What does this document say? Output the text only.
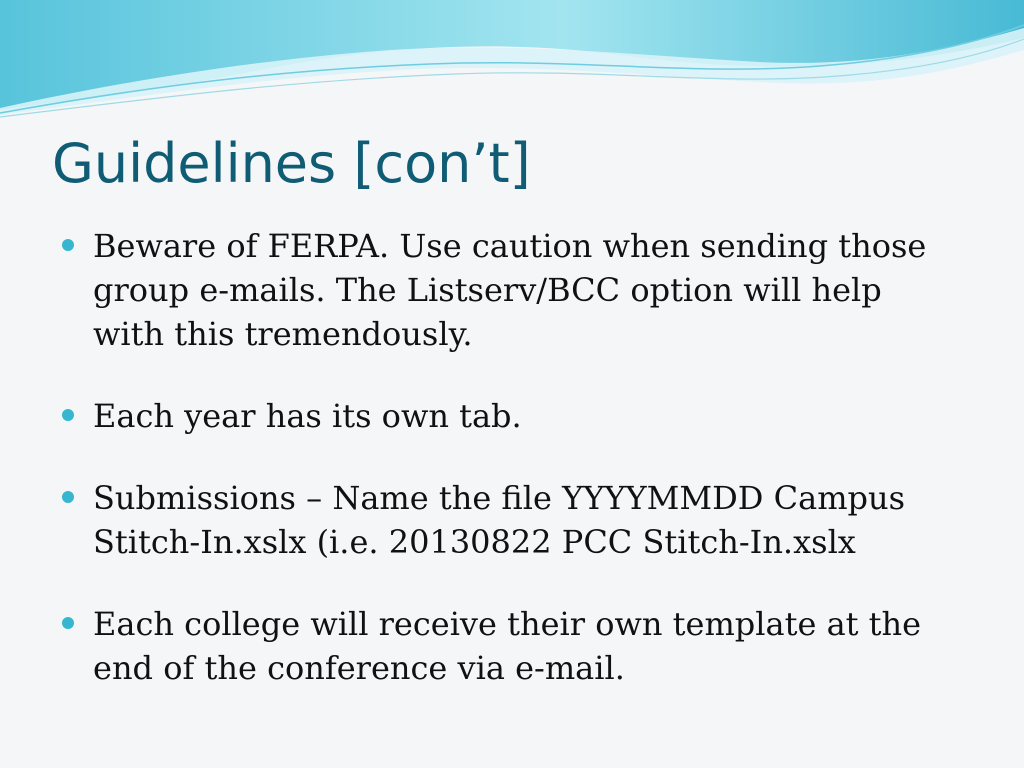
Guidelines [con’t]
Beware of FERPA. Use caution when sending those group e-mails. The Listserv/BCC option will help with this tremendously.
Each year has its own tab.
Submissions – Name the file YYYYMMDD Campus Stitch-In.xslx (i.e. 20130822 PCC Stitch-In.xslx
Each college will receive their own template at the end of the conference via e-mail.
